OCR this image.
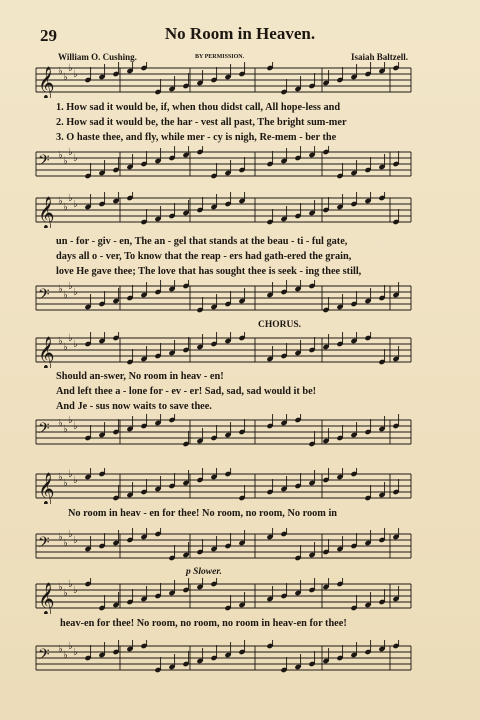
29	No Room in Heaven.
William O. Cushing.	BY PERMISSION.	Isaiah Baltzell.
𝄞 ♭
♭
♭
♭
1. How sad it would be, if, when thou didst call, All hope-less and
2. How sad it would be, the har - vest all past, The bright sum-mer
3. O haste thee, and fly, while mer - cy is nigh, Re-mem - ber the
𝄢 ♭
♭
♭
♭
𝄞 ♭
♭
♭
♭
un - for - giv - en, The an - gel that stands at the beau - ti - ful gate,
days all o - ver, To know that the reap - ers had gath-ered the grain,
love He gave thee; The love that has sought thee is seek - ing thee still,
𝄢 ♭
♭
♭
♭
CHORUS.
𝄞 ♭
♭
♭
♭
Should an-swer, No room in heav - en!
And left thee a - lone for - ev - er! Sad, sad, sad would it be!
And Je - sus now waits to save thee.
𝄢 ♭
♭
♭
♭
𝄞 ♭
♭
♭
♭
No room in heav - en for thee! No room, no room, No room in
𝄢 ♭
♭
♭
♭
p Slower.
𝄞 ♭
♭
♭
♭
heav-en for thee! No room, no room, no room in heav-en for thee!
𝄢 ♭
♭
♭
♭
